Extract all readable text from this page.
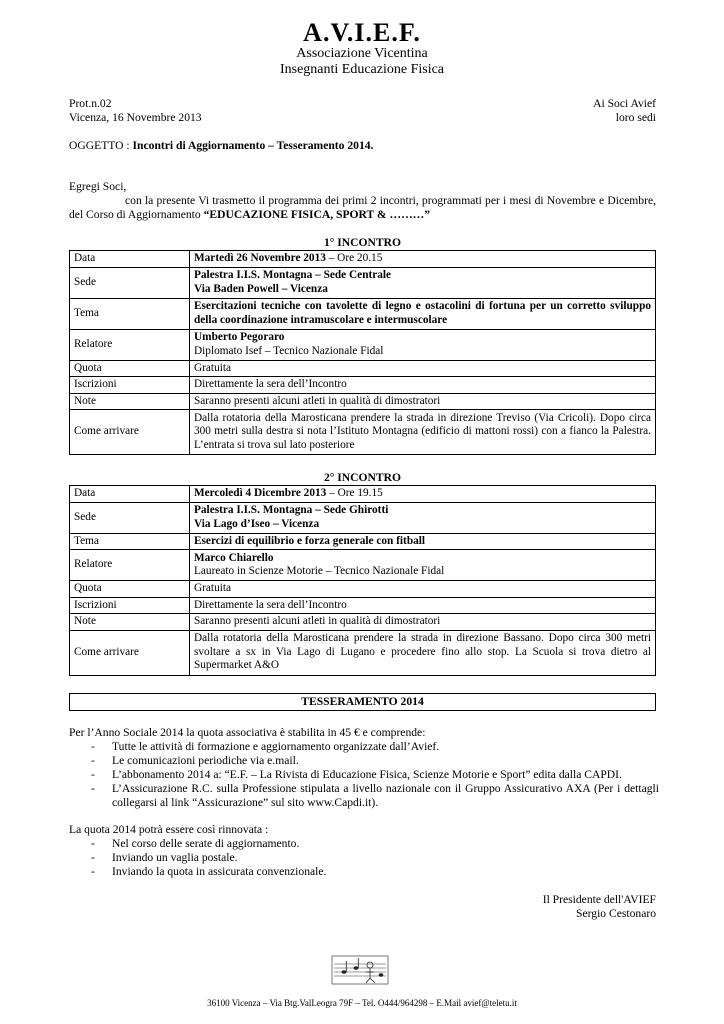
A.V.I.E.F.
Associazione Vicentina
Insegnanti Educazione Fisica
Prot.n.02
Vicenza, 16 Novembre 2013
Ai Soci Avief
loro sedi
OGGETTO : Incontri di Aggiornamento – Tesseramento 2014.
Egregi Soci,
con la presente Vi trasmetto il programma dei primi 2 incontri, programmati per i mesi di Novembre e Dicembre, del Corso di Aggiornamento “EDUCAZIONE FISICA, SPORT & ………”
1° INCONTRO
Data	Martedì 26 Novembre 2013 – Ore 20.15
Sede	Palestra I.I.S. Montagna – Sede Centrale
Via Baden Powell – Vicenza

Tema	Esercitazioni tecniche con tavolette di legno e ostacolini di fortuna per un corretto sviluppo della coordinazione intramuscolare e intermuscolare
Relatore	Umberto Pegoraro
Diplomato Isef – Tecnico Nazionale Fidal

Quota	Gratuita
Iscrizioni	Direttamente la sera dell’Incontro
Note	Saranno presenti alcuni atleti in qualità di dimostratori
Come arrivare	Dalla rotatoria della Marosticana prendere la strada in direzione Treviso (Via Cricoli). Dopo circa 300 metri sulla destra si nota l’Istituto Montagna (edificio di mattoni rossi) con a fianco la Palestra. L’entrata si trova sul lato posteriore
2° INCONTRO
Data	Mercoledì 4 Dicembre 2013 – Ore 19.15
Sede	Palestra I.I.S. Montagna – Sede Ghirotti
Via Lago d’Iseo – Vicenza

Tema	Esercizi di equilibrio e forza generale con fitball
Relatore	Marco Chiarello
Laureato in Scienze Motorie – Tecnico Nazionale Fidal

Quota	Gratuita
Iscrizioni	Direttamente la sera dell’Incontro
Note	Saranno presenti alcuni atleti in qualità di dimostratori
Come arrivare	Dalla rotatoria della Marosticana prendere la strada in direzione Bassano. Dopo circa 300 metri svoltare a sx in Via Lago di Lugano e procedere fino allo stop. La Scuola si trova dietro al Supermarket A&O
TESSERAMENTO 2014
Per l’Anno Sociale 2014 la quota associativa è stabilita in 45 € e comprende:
- Tutte le attività di formazione e aggiornamento organizzate dall’Avief.
- Le comunicazioni periodiche via e.mail.
- L’abbonamento 2014 a: “E.F. – La Rivista di Educazione Fisica, Scienze Motorie e Sport” edita dalla CAPDI.
- L’Assicurazione R.C. sulla Professione stipulata a livello nazionale con il Gruppo Assicurativo AXA (Per i dettagli collegarsi al link “Assicurazione” sul sito www.Capdi.it).
La quota 2014 potrà essere così rinnovata :
- Nel corso delle serate di aggiornamento.
- Inviando un vaglia postale.
- Inviando la quota in assicurata convenzionale.
Il Presidente dell'AVIEF
Sergio Cestonaro
36100 Vicenza – Via Btg.ValLeogra 79F – Tel. O444/964298 – E.Mail avief@teletu.it
